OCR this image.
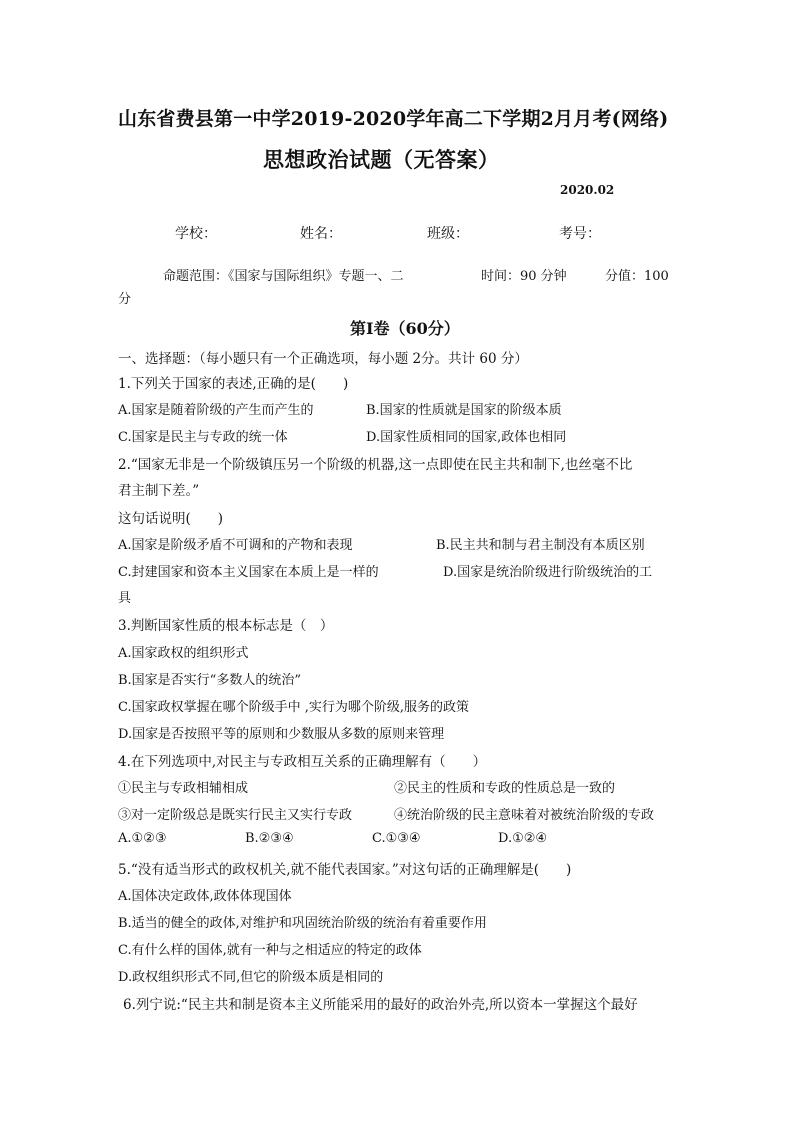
山东省费县第一中学2019-2020学年高二下学期2月月考(网络)
思想政治试题（无答案）
2020.02
学校：	姓名：	班级：	考号：
命题范围：《国家与国际组织》专题一、二	时间：90 分钟	分值：100
分
第Ⅰ卷（60分）
一、选择题：（每小题只有一个正确选项，每小题 2分。共计 60 分）
1.下列关于国家的表述,正确的是(　　)
A.国家是随着阶级的产生而产生的	B.国家的性质就是国家的阶级本质
C.国家是民主与专政的统一体	D.国家性质相同的国家,政体也相同
2.“国家无非是一个阶级镇压另一个阶级的机器,这一点即使在民主共和制下,也丝毫不比
君主制下差。”
这句话说明(　　)
A.国家是阶级矛盾不可调和的产物和表现	B.民主共和制与君主制没有本质区别
C.封建国家和资本主义国家在本质上是一样的	D.国家是统治阶级进行阶级统治的工
具
3.判断国家性质的根本标志是（　）
A.国家政权的组织形式
B.国家是否实行“多数人的统治”
C.国家政权掌握在哪个阶级手中 ,实行为哪个阶级,服务的政策
D.国家是否按照平等的原则和少数服从多数的原则来管理
4.在下列选项中,对民主与专政相互关系的正确理解有（　　）
①民主与专政相辅相成	②民主的性质和专政的性质总是一致的
③对一定阶级总是既实行民主又实行专政	④统治阶级的民主意味着对被统治阶级的专政
A.①②③	B.②③④	C.①③④	D.①②④
5.“没有适当形式的政权机关,就不能代表国家。”对这句话的正确理解是(　　)
A.国体决定政体,政体体现国体
B.适当的健全的政体,对维护和巩固统治阶级的统治有着重要作用
C.有什么样的国体,就有一种与之相适应的特定的政体
D.政权组织形式不同,但它的阶级本质是相同的
6.列宁说:“民主共和制是资本主义所能采用的最好的政治外壳,所以资本一掌握这个最好
